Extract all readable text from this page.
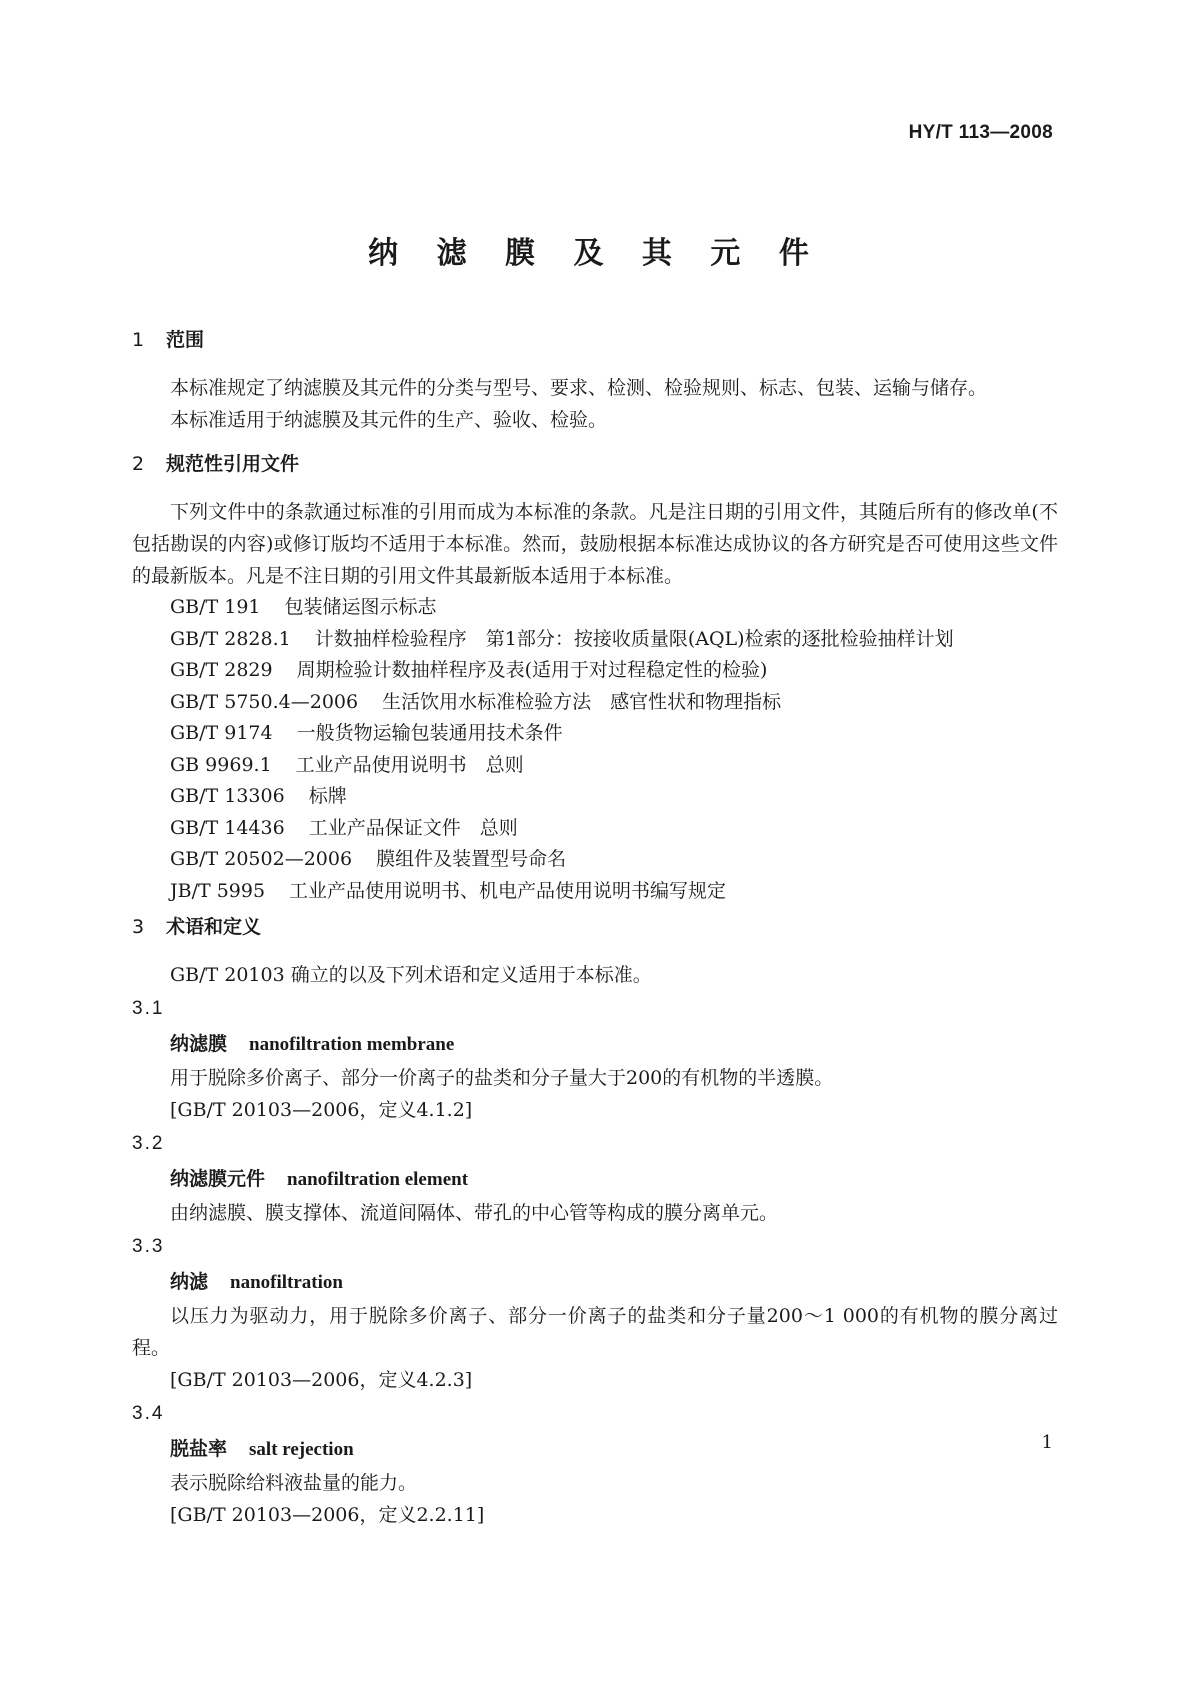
HY/T 113—2008
纳 滤 膜 及 其 元 件
1 范围

本标准规定了纳滤膜及其元件的分类与型号、要求、检测、检验规则、标志、包装、运输与储存。

本标准适用于纳滤膜及其元件的生产、验收、检验。

2 规范性引用文件

下列文件中的条款通过标准的引用而成为本标准的条款。凡是注日期的引用文件，其随后所有的修改单(不包括勘误的内容)或修订版均不适用于本标准。然而，鼓励根据本标准达成协议的各方研究是否可使用这些文件的最新版本。凡是不注日期的引用文件其最新版本适用于本标准。

GB/T 191 包装储运图示标志
GB/T 2828.1 计数抽样检验程序　第1部分：按接收质量限(AQL)检索的逐批检验抽样计划
GB/T 2829 周期检验计数抽样程序及表(适用于对过程稳定性的检验)
GB/T 5750.4—2006 生活饮用水标准检验方法　感官性状和物理指标
GB/T 9174 一般货物运输包装通用技术条件
GB 9969.1 工业产品使用说明书　总则
GB/T 13306 标牌
GB/T 14436 工业产品保证文件　总则
GB/T 20502—2006 膜组件及装置型号命名
JB/T 5995 工业产品使用说明书、机电产品使用说明书编写规定
3 术语和定义

GB/T 20103 确立的以及下列术语和定义适用于本标准。

3.1
纳滤膜 nanofiltration membrane

用于脱除多价离子、部分一价离子的盐类和分子量大于200的有机物的半透膜。

[GB/T 20103—2006，定义4.1.2]
3.2
纳滤膜元件 nanofiltration element

由纳滤膜、膜支撑体、流道间隔体、带孔的中心管等构成的膜分离单元。

3.3
纳滤 nanofiltration

以压力为驱动力，用于脱除多价离子、部分一价离子的盐类和分子量200～1 000的有机物的膜分离过程。

[GB/T 20103—2006，定义4.2.3]
3.4
脱盐率 salt rejection

表示脱除给料液盐量的能力。

[GB/T 20103—2006，定义2.2.11]
1
